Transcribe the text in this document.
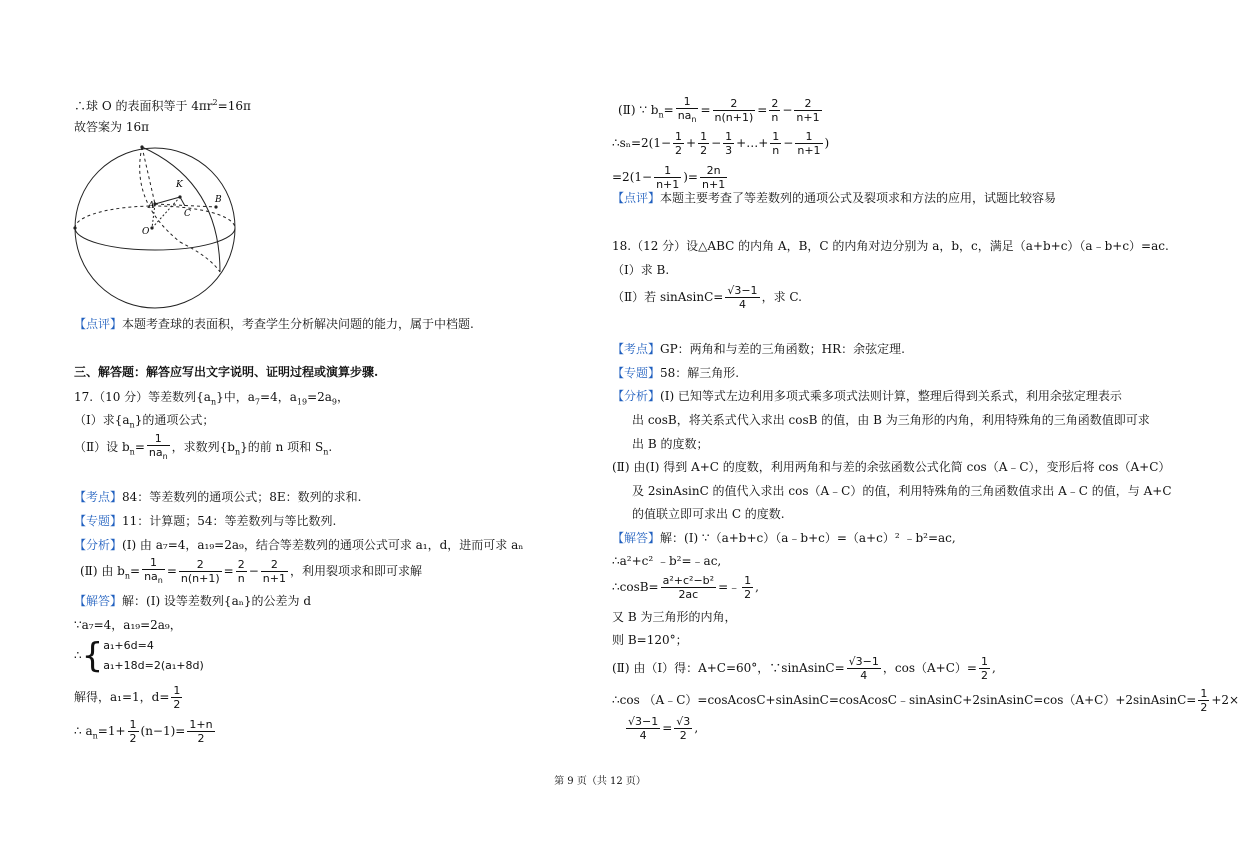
∴球 O 的表面积等于 $4\pi r^2=16\pi$
故答案为 16π
K
A
C
B
O
【点评】本题考查球的表面积，考查学生分析解决问题的能力，属于中档题.
三、解答题：解答应写出文字说明、证明过程或演算步骤.
17.（10 分）等差数列$\{a_n\}$中，$a_7=4$，$a_{19}=2a_9$，
（Ⅰ）求$\{a_n\}$的通项公式；
（Ⅱ）设 $b_n= \frac{1}{na_n}$ ，求数列$\{b_n\}$的前 n 项和 $S_n$.
【考点】84：等差数列的通项公式；8E：数列的求和.
【专题】11：计算题；54：等差数列与等比数列.
【分析】(Ⅰ) 由 a₇=4，a₁₉=2a₉，结合等差数列的通项公式可求 a₁，d，进而可求 aₙ
(Ⅱ) 由 $b_n= \frac{1}{na_n} = \frac{2}{n(n+1)} = \frac{2}{n} - \frac{2}{n+1}$ ，利用裂项求和即可求解
【解答】解：(Ⅰ) 设等差数列{aₙ}的公差为 d
∵a₇=4，a₁₉=2a₉，
∴{ a₁+6d=4
a₁+18d=2(a₁+8d)
解得，a₁=1，$d= \frac{1}{2}$
∴ $a_n=1+ \frac{1}{2} (n-1)= \frac{1+n}{2}$
(Ⅱ) ∵ $b_n= \frac{1}{na_n} = \frac{2}{n(n+1)} = \frac{2}{n} - \frac{2}{n+1}$
∴sₙ=2(1− $\frac{1}{2} + \frac{1}{2} - \frac{1}{3}$ +…+ $\frac{1}{n} - \frac{1}{n+1}$ )
$=2(1- \frac{1}{n+1}$ )= $\frac{2n}{n+1}$
【点评】本题主要考查了等差数列的通项公式及裂项求和方法的应用，试题比较容易
18.（12 分）设△ABC 的内角 A，B，C 的内角对边分别为 a，b，c，满足（a+b+c）（a﹣b+c）=ac.
（Ⅰ）求 B.
（Ⅱ）若 sinAsinC= $\frac{√3-1}{4}$ ，求 C.
【考点】GP：两角和与差的三角函数；HR：余弦定理.
【专题】58：解三角形.
【分析】(Ⅰ) 已知等式左边利用多项式乘多项式法则计算，整理后得到关系式，利用余弦定理表示
出 cosB，将关系式代入求出 cosB 的值，由 B 为三角形的内角，利用特殊角的三角函数值即可求
出 B 的度数；
(Ⅱ) 由(Ⅰ) 得到 A+C 的度数，利用两角和与差的余弦函数公式化简 cos（A﹣C），变形后将 cos（A+C）
及 2sinAsinC 的值代入求出 cos（A﹣C）的值，利用特殊角的三角函数值求出 A﹣C 的值，与 A+C
的值联立即可求出 C 的度数.
【解答】解：(Ⅰ) ∵（a+b+c）（a﹣b+c）=（a+c）² ﹣b²=ac,
∴a²+c² ﹣b²=﹣ac,
∴cosB= $\frac{\text{a²+c²−b²}}{2ac}$ =﹣ $\frac{1}{2}$ ,
又 B 为三角形的内角，
则 B=120°；
(Ⅱ) 由（Ⅰ）得：A+C=60°，∵sinAsinC= $\frac{√3-1}{4}$ ，$\cos(A+C)= \frac{1}{2}$ ,
∴cos （A﹣C）=cosAcosC+sinAsinC=cosAcosC﹣sinAsinC+2sinAsinC=cos（A+C）+2sinAsinC= $\frac{1}{2} +2\times$
$\frac{√3-1}{4} = \frac{√3}{2}$ ,
第 9 页（共 12 页）
